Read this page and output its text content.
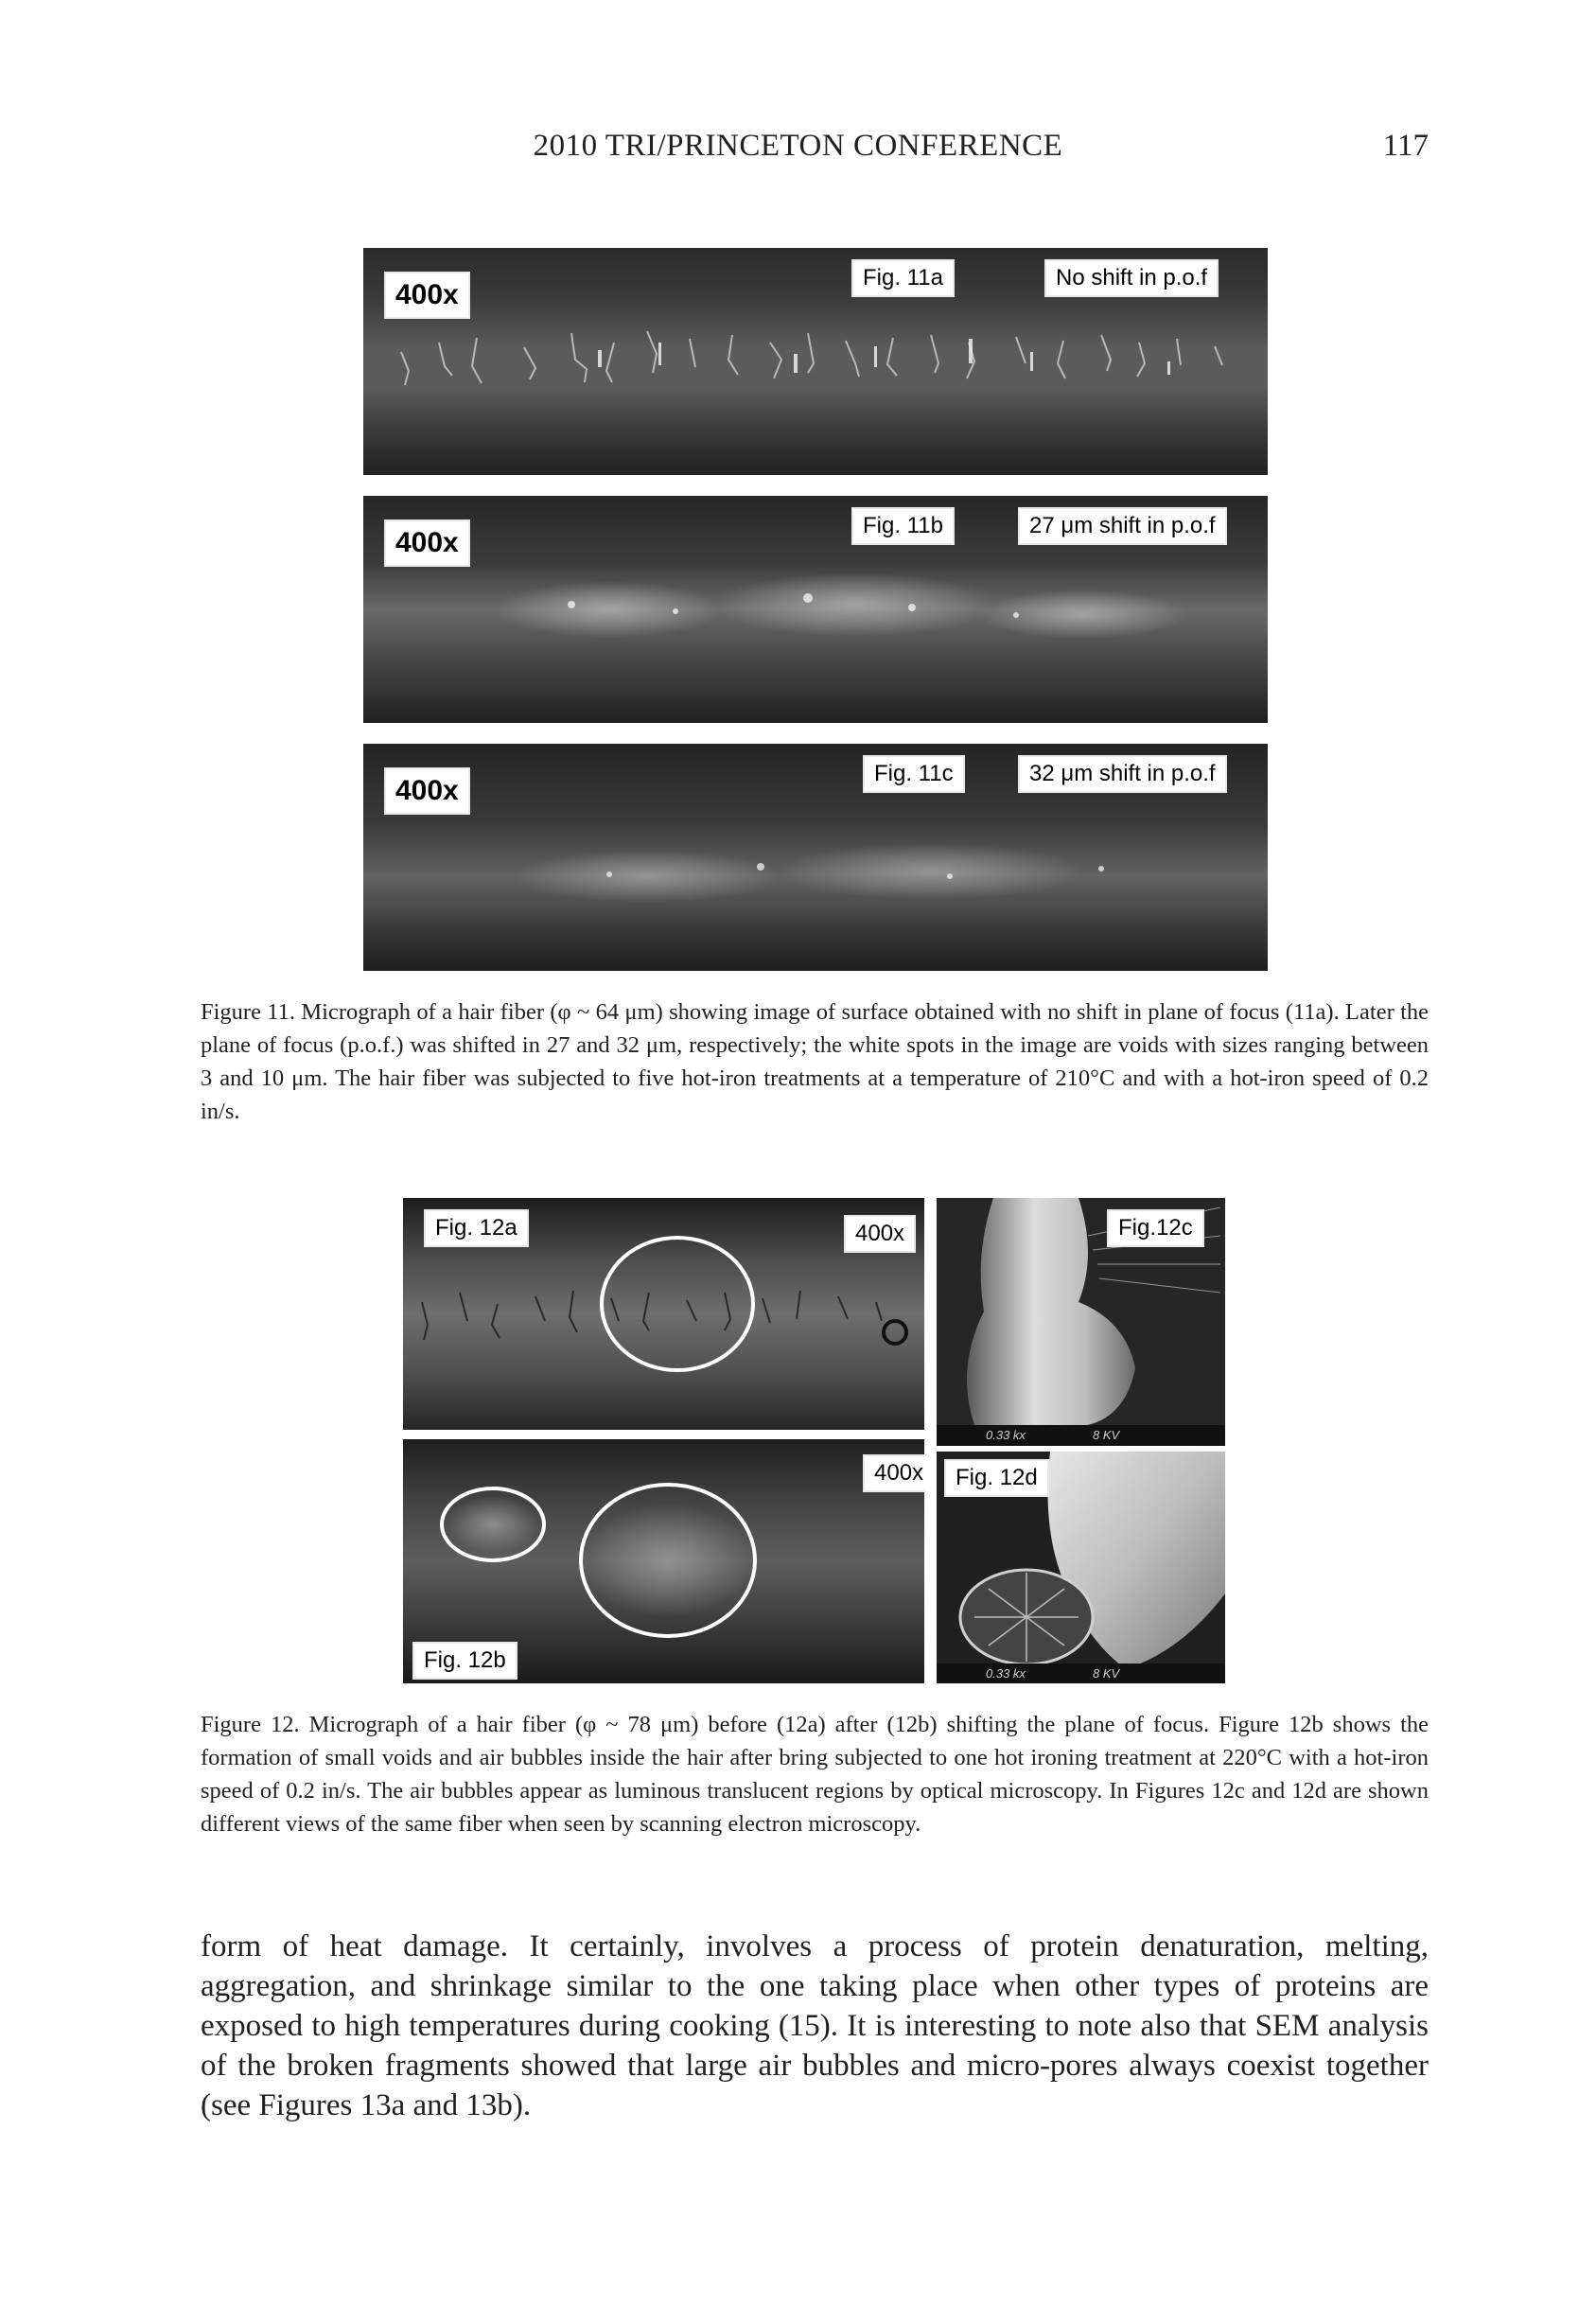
2010 TRI/PRINCETON CONFERENCE	117
400x
Fig. 11a	No shift in p.o.f
400x
Fig. 11b	27 μm shift in p.o.f
400x
Fig. 11c	32 μm shift in p.o.f
Figure 11. Micrograph of a hair fiber (φ ~ 64 μm) showing image of surface obtained with no shift in plane of focus (11a). Later the plane of focus (p.o.f.) was shifted in 27 and 32 μm, respectively; the white spots in the image are voids with sizes ranging between 3 and 10 μm. The hair fiber was subjected to five hot-iron treatments at a temperature of 210°C and with a hot-iron speed of 0.2 in/s.
Fig. 12a	400x
400x
Fig. 12b
Fig.12c
0.33 kx	8 KV
Fig. 12d
0.33 kx	8 KV
Figure 12. Micrograph of a hair fiber (φ ~ 78 μm) before (12a) after (12b) shifting the plane of focus. Figure 12b shows the formation of small voids and air bubbles inside the hair after bring subjected to one hot ironing treatment at 220°C with a hot-iron speed of 0.2 in/s. The air bubbles appear as luminous translucent regions by optical microscopy. In Figures 12c and 12d are shown different views of the same fiber when seen by scanning electron microscopy.
form of heat damage. It certainly, involves a process of protein denaturation, melting, aggregation, and shrinkage similar to the one taking place when other types of proteins are exposed to high temperatures during cooking (15). It is interesting to note also that SEM analysis of the broken fragments showed that large air bubbles and micro-pores always coexist together (see Figures 13a and 13b).
